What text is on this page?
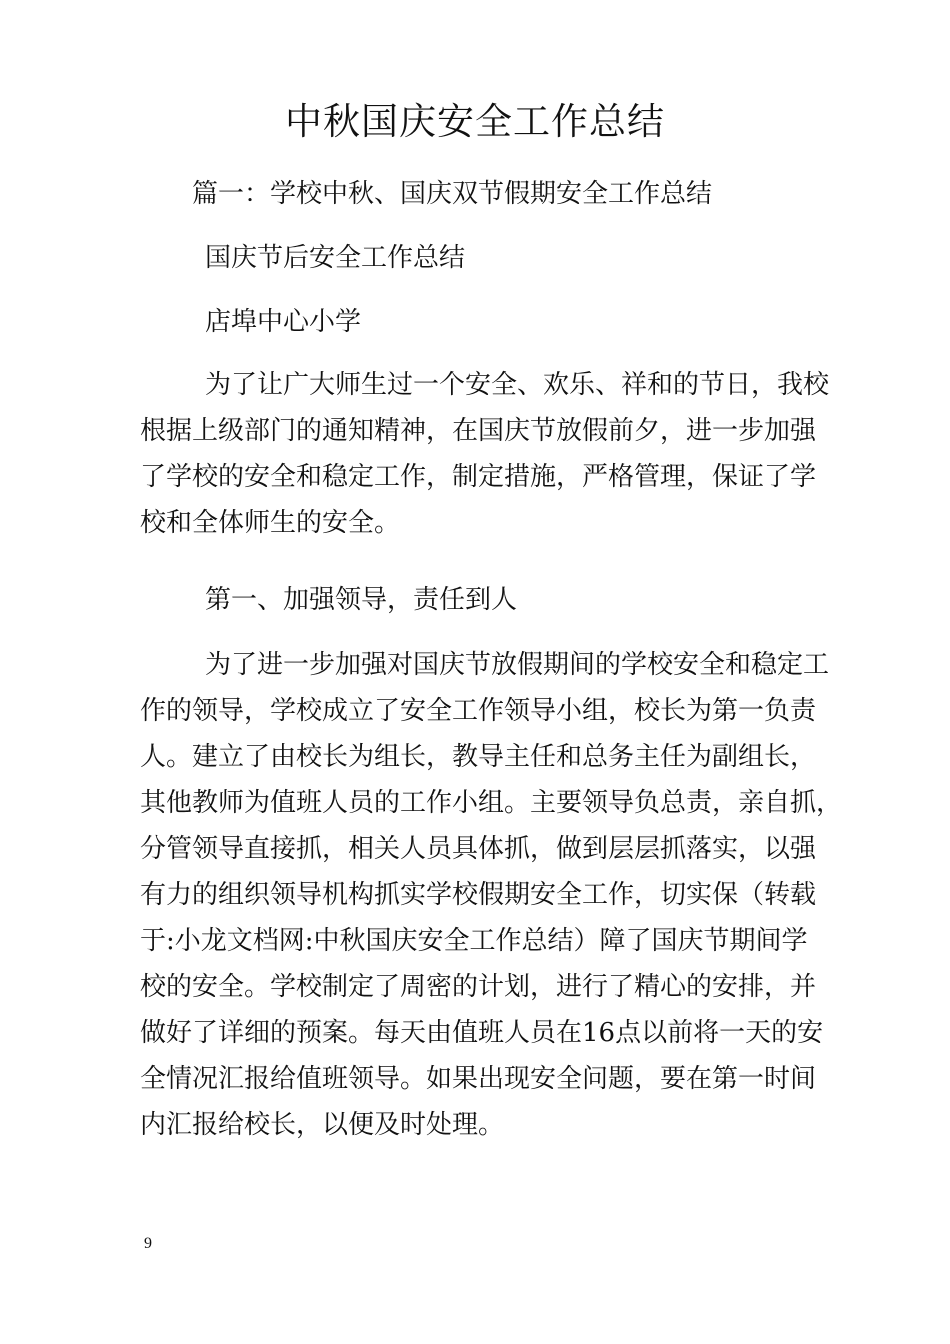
中秋国庆安全工作总结
篇一：学校中秋、国庆双节假期安全工作总结
国庆节后安全工作总结
店埠中心小学
为了让广大师生过一个安全、欢乐、祥和的节日，我校
根据上级部门的通知精神，在国庆节放假前夕，进一步加强
了学校的安全和稳定工作，制定措施，严格管理，保证了学
校和全体师生的安全。
第一、加强领导，责任到人
为了进一步加强对国庆节放假期间的学校安全和稳定工
作的领导，学校成立了安全工作领导小组，校长为第一负责
人。建立了由校长为组长，教导主任和总务主任为副组长，
其他教师为值班人员的工作小组。主要领导负总责，亲自抓，
分管领导直接抓，相关人员具体抓，做到层层抓落实，以强
有力的组织领导机构抓实学校假期安全工作，切实保（转载
于:小龙文档网:中秋国庆安全工作总结）障了国庆节期间学
校的安全。学校制定了周密的计划，进行了精心的安排，并
做好了详细的预案。每天由值班人员在16点以前将一天的安
全情况汇报给值班领导。如果出现安全问题，要在第一时间
内汇报给校长，以便及时处理。
9
